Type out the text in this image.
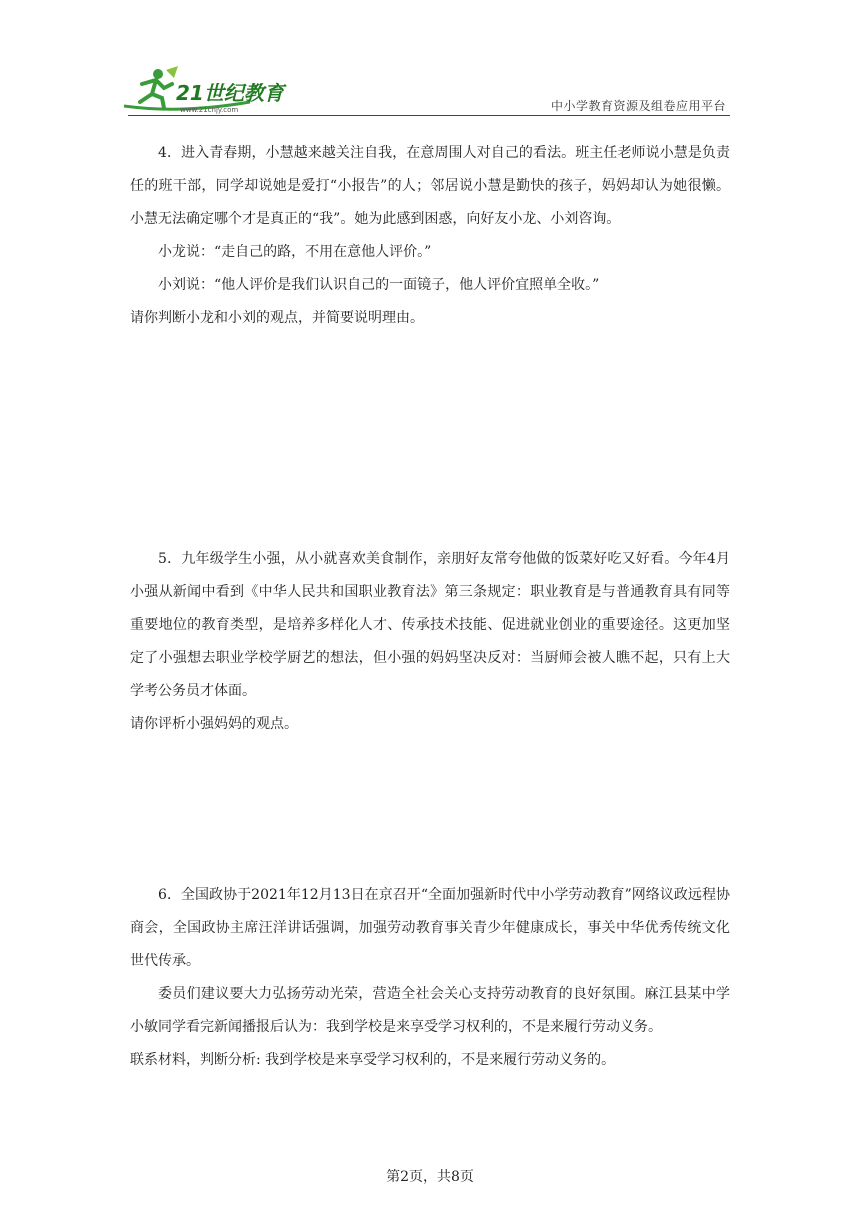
21世纪教育
www.21cnjy.com	中小学教育资源及组卷应用平台

4．进入青春期，小慧越来越关注自我，在意周围人对自己的看法。班主任老师说小慧是负责任的班干部，同学却说她是爱打“小报告”的人；邻居说小慧是勤快的孩子，妈妈却认为她很懒。小慧无法确定哪个才是真正的“我”。她为此感到困惑，向好友小龙、小刘咨询。

小龙说：“走自己的路，不用在意他人评价。”

小刘说：“他人评价是我们认识自己的一面镜子，他人评价宜照单全收。”

请你判断小龙和小刘的观点，并简要说明理由。

5．九年级学生小强，从小就喜欢美食制作，亲朋好友常夸他做的饭菜好吃又好看。今年4月小强从新闻中看到《中华人民共和国职业教育法》第三条规定：职业教育是与普通教育具有同等重要地位的教育类型，是培养多样化人才、传承技术技能、促进就业创业的重要途径。这更加坚定了小强想去职业学校学厨艺的想法，但小强的妈妈坚决反对：当厨师会被人瞧不起，只有上大学考公务员才体面。

请你评析小强妈妈的观点。

6．全国政协于2021年12月13日在京召开“全面加强新时代中小学劳动教育”网络议政远程协商会，全国政协主席汪洋讲话强调，加强劳动教育事关青少年健康成长，事关中华优秀传统文化世代传承。

委员们建议要大力弘扬劳动光荣，营造全社会关心支持劳动教育的良好氛围。麻江县某中学小敏同学看完新闻播报后认为：我到学校是来享受学习权利的，不是来履行劳动义务。

联系材料，判断分析: 我到学校是来享受学习权利的，不是来履行劳动义务的。

第2页，共8页
